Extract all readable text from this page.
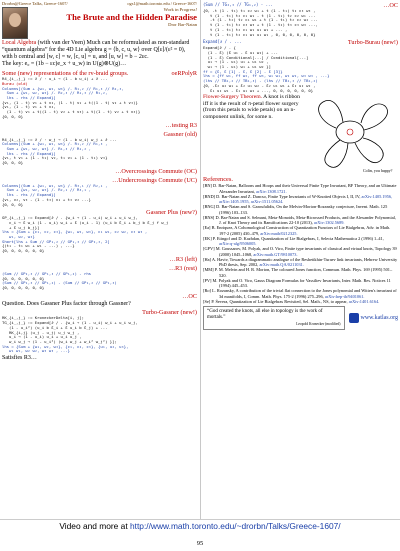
Drorbn@Greece Talks, Greece-1607/	ogs1@math.toronto.edu / Greece-1607/
Work in Progress!
The Brute and the Hidden Paradise
Dror Bar-Natan

Local Algebra (with van der Veen) Much can be reformulated as non-standard “quantum algebra” for the 4D Lie algebra g = ⟨b, c, u, w⟩ over Q[ε]/(ε² = 0), with b central and [w, c] = w, [c, u] = u, and [u, w] = b − 2εc.

The key: e₀ = (1b − εc)e_x + u_w) in U(g)⊗U(g)…

Some (new) representations of the rv-braid groups.	oeRPolyR
R4_{i_,j_} := ∂ / · u_i → (1 - b u_i) + ∂ ...
Burau (old)
Columns[(Sum + {w₁, w₂, w₃} /. R₁,₂ // R₁,₃ // R₂,₃,
Sum + {w₁, w₂, w₃} /. R₂,₃ // R₁,₃ // R₁,₂,
lhs - rhs // Expand}]
{v₁, (1 - t) v₁ + t v₂, (1 - t) v₁ + t((1 - t) v₂ + t v₃)}
{v₁, (1 - t) v₁ + t v₂,
(1 - t) v₁ + t((1 - t) v₂ + t v₃) + t((1 - t) v₂ + t v₃)}
{0, 0, 0}
…testing R3
Gassner (old)
R4_{i_,j_} := ∂ / · w_j → (1 - b w_i) w_j + ∂ ...
Columns[(Sum + {w₁, w₂, w₃} /. R₁,₂ // R₁,₃ ,
Sum + {w₁, w₂, w₃} /. R₁,₃ // R₁,₂ ,
lhs - rhs // Expand}]
{v₁, t v₁ + (1 - t₁) v₂, t₁ v₁ + (1 - t₁) v₃}
{0, 0, 0}
…Overcrossings Commute (OC)
…Undercrossings Commute (UC)
Columns[(Sum + {w₁, w₂, w₃} /. R₃,₁ // R₂,₁ ,
Sum + {w₁, w₂, w₃} /. R₂,₁ // R₃,₁ ,
lhs - rhs // Expand}]
{v₁, v₂, v₃ - (1 - t₃) v₁ + t₃ v₂ ...}
{0, 0, 0}
Gassner Plus (new?)
GP_{i_,j_} := Expand[∂ / . {w_i → (1 - u_i) w_i + u_i w_j,
c_i → ε w_i (1 - u_i) w_i + ε (u_i - 1) (u_i b ε_i + b_j b ε_j f w_j
+ ε u_j b_j}]
lhs = {Sum + {c₁, c₂, c₃}, {w₁, w₂, w₃}, c₁ w₁, c₂ w₂, c₃ w₃ ,
w₁, w₂, w₃}
Short[lhs + Sum // GP₁,₂ // GP₁,₃ // GP₂,₃, 2]
{(t₁ - t₁ w₁ + w₁ - ...) , ...}
{0, 0, 0, 0, 0, 0}
…R3 (left)
…R3 (rest)
(Sum // GP₂,₃ // GP₁,₃ // GP₁,₂) - rhs
{0, 0, 0, 0, 0, 0}
(Sum // GP₁,₃ // GP₁,₂) - (Sum // GP₁,₂ // GP₁,₃)
{0, 0, 0, 0, 0, 0}
…OC

Question. Does Gassner Plus factor through Gassner?

Turbo-Gassner (new!)
RK_{i_,j_} := KroneckerDelta[i, j];
TG_{i_,j_} := Expand[∂ / . {w_i → (1 - u_i) w_i + u_i w_j,
(1 - u_i²) (u_i b ε_i + ε u_i b ε_j) + ...
RK_{i,j} (u_j - u_j) u_j w_j ,
u_i → (1 - u_i) u_i + u_i u_j ,
w_i w_j → (1 - u_i²) (w_i w_j + w_i² w_j²) }];
lhs = {Sum + {w₁, w₂, w₃}, {c₁, c₂, c₃}, {u₁, u₂, u₃},
w₁ w₁, w₂ w₂, w₃ w₃ , ...}

Satisfies R3…

(Sum // TG₂,₃ // TG₁,₂) - ...	…OC
{0, -t (1 - t₁) t₁ c₂ w₁ + t (1 - t₁) t₂ c₃ w₃ ,
t (1 - t₁) t₂ c₁ w₁ - t (1 - t₁) t₂ c₂ w₁ ...
-t (1 - t₂) t₂ c₁ w₁ + t (1 - t₁) t₂ c₂ w₂ ...
t (1 - t₁) t₂ c₃ w₃ + t (1 - t₂) t₃ c₃ w₃ ...,
t (1 - t₁) t₂ c₁ w₁ u₁ w₁ + ... ,
t (1 - t₁) t₂ c₁ w₁ u₁ w₁ , 0, 0, 0, 0, 0, 0}
Expand[∂ / . ...	Turbo-Burau (new!)
Expand[∂ / . {
(1 - ε) (ε u₁ - ε u₁ w₂) + ...
(1 - ε) Conditional[...] / Conditional[...]
u₁ → (1 - u₁) u₁ + u₁ u₂ ,
w₁ → (1 - u₁) w₁ + u₁ w₂ }]
ff = {ε, ε [1] - ε, ε [2] - ε [3]}
lhs = {ff w₁, ff w₂, ff w₃, w₁ w₁, w₂ w₂, w₃ w₃ , ...}
(lhs // TB₁,₂ // TB₁,₃) - (lhs // TB₁,₃ // TB₁,₂)
{0, -ε₂ u₂ w₁ + ε₂ u₁ w₂ - ε₂ u₁ w₁ + ε₂ u₂ w₂ ,
ε₁ u₂ w₁ - ε₁ u₁ w₂ + ..., 0, 0, 0, 0, 0, 0}
Flower-Surgery Theorem. A knot is ribbon iff it is the result of π-petal flower surgery (from this petals to wide petals) on an n-component unlink, for some n.
Colin, you happy?
References.
[BN] D. Bar-Natan, Balloons and Hoops and their Universal Finite Type Invariant, BF Theory, and an Ultimate Alexander Invariant, arXiv:1308.1721.
[BND] D. Bar-Natan and Z. Dancso, Finite Type Invariants of W-Knotted Objects I, II, IV, arXiv:1405.1956, arXiv:1405.1955, arXiv:1511.05624.
[BNG] D. Bar-Natan and S. Garoufalidis, On the Melvin-Morton-Rozansky conjecture, Invent. Math. 125 (1996) 103–133.
[BNS] D. Bar-Natan and S. Selmani, Meta-Monoids, Meta-Bicrossed Products, and the Alexander Polynomial, J. of Knot Theory and its Ramifications 22-10 (2013), arXiv:1302.5689.
[Ea] B. Enriquez, A Cohomological Construction of Quantization Functors of Lie Bialgebras, Adv. in Math. 197-2 (2005) 430–479, arXiv:math/0212325.
[EK] P. Etingof and D. Kazhdan, Quantization of Lie Bialgebras, I, Selecta Mathematica 2 (1996) 1–41, arXiv:q-alg/9506005.
[GPV] M. Goussarov, M. Polyak, and O. Viro, Finite type invariants of classical and virtual knots, Topology 39 (2000) 1045–1068, arXiv:math.GT/9810073.
[Ha] A. Haviv, Towards a diagrammatic analogue of the Reshetikhin-Turaev link invariants, Hebrew University PhD thesis, Sep. 2002, arXiv:math.QA/0211031.
[MM] P. M. Melvin and H. R. Morton, The coloured Jones function, Commun. Math. Phys. 169 (1995) 501–520.
[PV] M. Polyak and O. Viro, Gauss Diagram Formulas for Vassiliev Invariants, Inter. Math. Res. Notices 11 (1994) 445–453.
[Ro] L. Rozansky, A contribution of the trivial flat connection to the Jones polynomial and Witten's invariant of 3d manifolds, I, Comm. Math. Phys. 175-2 (1996) 275–296, arXiv:hep-th/9401061.
[Se] P. Ševera, Quantization of Lie Bialgebras Revisited, Sel. Math., NS, to appear, arXiv:1401.6164.
“God created the knots, all else in topology is the work of mortals.”
Leopold Kronecker (modified)
www.katlas.org
Video and more at http://www.math.toronto.edu/~drorbn/Talks/Greece-1607/
95
